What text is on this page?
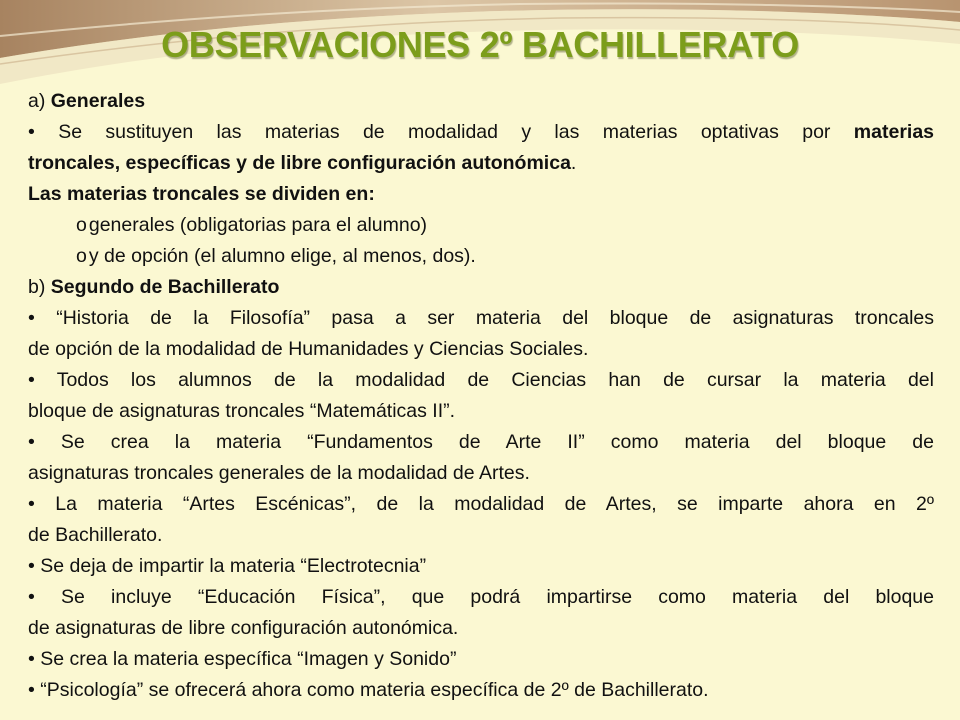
OBSERVACIONES 2º BACHILLERATO
a) Generales
• Se sustituyen las materias de modalidad y las materias optativas por materias
troncales, específicas y de libre configuración autonómica.
Las materias troncales se dividen en:
o generales (obligatorias para el alumno)
o y de opción (el alumno elige, al menos, dos).
b) Segundo de Bachillerato
• “Historia de la Filosofía” pasa a ser materia del bloque de asignaturas troncales
de opción de la modalidad de Humanidades y Ciencias Sociales.
• Todos los alumnos de la modalidad de Ciencias han de cursar la materia del
bloque de asignaturas troncales “Matemáticas II”.
• Se crea la materia “Fundamentos de Arte II” como materia del bloque de
asignaturas troncales generales de la modalidad de Artes.
• La materia “Artes Escénicas”, de la modalidad de Artes, se imparte ahora en 2º
de Bachillerato.
• Se deja de impartir la materia “Electrotecnia”
• Se incluye “Educación Física”, que podrá impartirse como materia del bloque
de asignaturas de libre configuración autonómica.
• Se crea la materia específica “Imagen y Sonido”
• “Psicología” se ofrecerá ahora como materia específica de 2º de Bachillerato.
